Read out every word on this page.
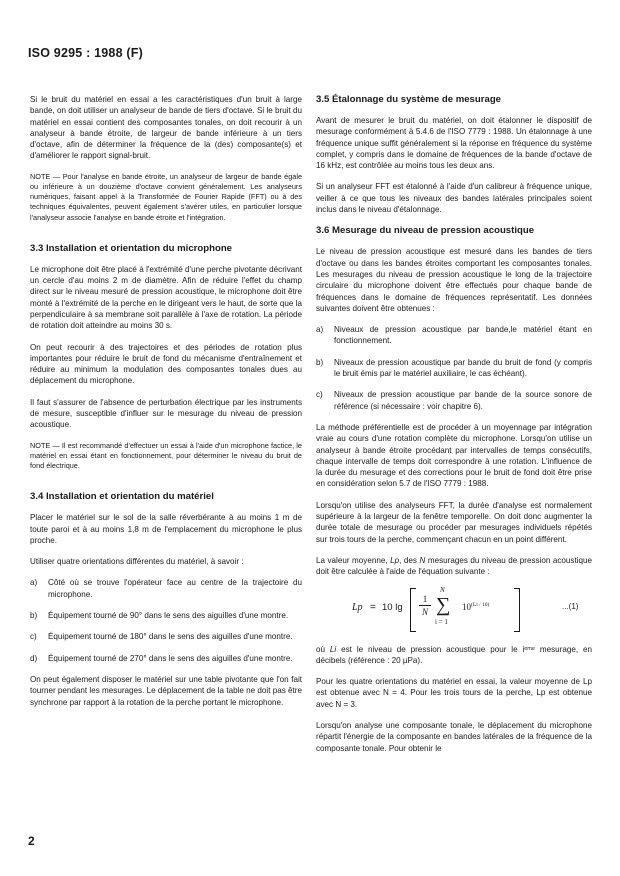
ISO 9295 : 1988 (F)

Si le bruit du matériel en essai a les caractéristiques d'un bruit à large bande, on doit utiliser un analyseur de bande de tiers d'octave. Si le bruit du matériel en essai contient des composantes tonales, on doit recourir à un analyseur à bande étroite, de largeur de bande inférieure à un tiers d'octave, afin de déterminer la fréquence de la (des) composante(s) et d'améliorer le rapport signal-bruit.

NOTE — Pour l'analyse en bande étroite, un analyseur de largeur de bande égale ou inférieure à un douzième d'octave convient généralement. Les analyseurs numériques, faisant appel à la Transformée de Fourier Rapide (FFT) ou à des techniques équivalentes, peuvent également s'avérer utiles, en particulier lorsque l'analyseur associe l'analyse en bande étroite et l'intégration.

3.3 Installation et orientation du microphone

Le microphone doit être placé à l'extrémité d'une perche pivotante décrivant un cercle d'au moins 2 m de diamètre. Afin de réduire l'effet du champ direct sur le niveau mesuré de pression acoustique, le microphone doit être monté à l'extrémité de la perche en le dirigeant vers le haut, de sorte que la perpendiculaire à sa membrane soit parallèle à l'axe de rotation. La période de rotation doit atteindre au moins 30 s.

On peut recourir à des trajectoires et des périodes de rotation plus importantes pour réduire le bruit de fond du mécanisme d'entraînement et réduire au minimum la modulation des composantes tonales dues au déplacement du microphone.

Il faut s'assurer de l'absence de perturbation électrique par les instruments de mesure, susceptible d'influer sur le mesurage du niveau de pression acoustique.

NOTE — Il est recommandé d'effectuer un essai à l'aide d'un microphone factice, le matériel en essai étant en fonctionnement, pour déterminer le niveau du bruit de fond électrique.

3.4 Installation et orientation du matériel

Placer le matériel sur le sol de la salle réverbérante à au moins 1 m de toute paroi et à au moins 1,8 m de l'emplacement du microphone le plus proche.

Utiliser quatre orientations différentes du matériel, à savoir :

a) Côté où se trouve l'opérateur face au centre de la trajectoire du microphone.
b) Équipement tourné de 90° dans le sens des aiguilles d'une montre.
c) Équipement tourné de 180° dans le sens des aiguilles d'une montre.
d) Équipement tourné de 270° dans le sens des aiguilles d'une montre.

On peut également disposer le matériel sur une table pivotante que l'on fait tourner pendant les mesurages. Le déplacement de la table ne doit pas être synchrone par rapport à la rotation de la perche portant le microphone.

3.5 Étalonnage du système de mesurage

Avant de mesurer le bruit du matériel, on doit étalonner le dispositif de mesurage conformément à 5.4.6 de l'ISO 7779 : 1988. Un étalonnage à une fréquence unique suffit généralement si la réponse en fréquence du système complet, y compris dans le domaine de fréquences de la bande d'octave de 16 kHz, est contrôlée au moins tous les deux ans.

Si un analyseur FFT est étalonné à l'aide d'un calibreur à fréquence unique, veiller à ce que tous les niveaux des bandes latérales principales soient inclus dans le niveau d'étalonnage.

3.6 Mesurage du niveau de pression acoustique

Le niveau de pression acoustique est mesuré dans les bandes de tiers d'octave ou dans les bandes étroites comportant les composantes tonales. Les mesurages du niveau de pression acoustique le long de la trajectoire circulaire du microphone doivent être effectués pour chaque bande de fréquences dans le domaine de fréquences représentatif. Les données suivantes doivent être obtenues :

a) Niveaux de pression acoustique par bande,le matériel étant en fonctionnement.
b) Niveaux de pression acoustique par bande du bruit de fond (y compris le bruit émis par le matériel auxiliaire, le cas échéant).
c) Niveaux de pression acoustique par bande de la source sonore de référence (si nécessaire : voir chapitre 6).

La méthode préférentielle est de procéder à un moyennage par intégration vraie au cours d'une rotation complète du microphone. Lorsqu'on utilise un analyseur à bande étroite procédant par intervalles de temps consécutifs, chaque intervalle de temps doit correspondre à une rotation. L'influence de la durée du mesurage et des corrections pour le bruit de fond doit être prise en considération selon 5.7 de l'ISO 7779 : 1988.

Lorsqu'on utilise des analyseurs FFT, la durée d'analyse est normalement supérieure à la largeur de la fenêtre temporelle. On doit donc augmenter la durée totale de mesurage ou procéder par mesurages individuels répétés sur trois tours de la perche, commençant chacun en un point différent.

La valeur moyenne, Lp, des N mesurages du niveau de pression acoustique doit être calculée à l'aide de l'équation suivante :

Lp = 10 lg
1
N
N
∑
i = 1
$10^{(Li / 10)}$	...(1)

où Li est le niveau de pression acoustique pour le iᵉᵐᵉ mesurage, en décibels (référence : 20 µPa).

Pour les quatre orientations du matériel en essai, la valeur moyenne de Lp est obtenue avec N = 4. Pour les trois tours de la perche, Lp est obtenue avec N = 3.

Lorsqu'on analyse une composante tonale, le déplacement du microphone répartit l'énergie de la composante en bandes latérales de la fréquence de la composante tonale. Pour obtenir le

2
